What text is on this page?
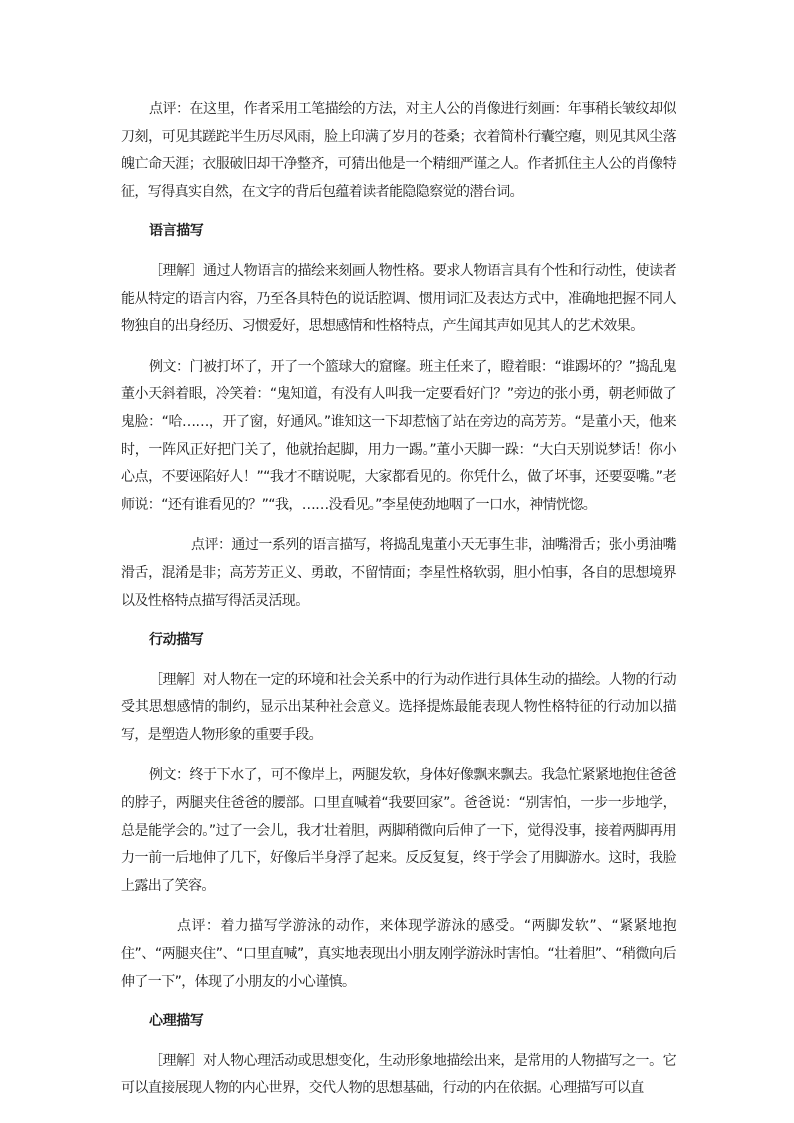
点评：在这里，作者采用工笔描绘的方法，对主人公的肖像进行刻画：年事稍长皱纹却似刀刻，可见其蹉跎半生历尽风雨，脸上印满了岁月的苍桑；衣着简朴行囊空瘪，则见其风尘落魄亡命天涯；衣服破旧却干净整齐，可猜出他是一个精细严谨之人。作者抓住主人公的肖像特征，写得真实自然，在文字的背后包蕴着读者能隐隐察觉的潜台词。

语言描写

［理解］通过人物语言的描绘来刻画人物性格。要求人物语言具有个性和行动性，使读者能从特定的语言内容，乃至各具特色的说话腔调、惯用词汇及表达方式中，准确地把握不同人物独自的出身经历、习惯爱好，思想感情和性格特点，产生闻其声如见其人的艺术效果。

例文：门被打坏了，开了一个篮球大的窟窿。班主任来了，瞪着眼：“谁踢坏的？”捣乱鬼董小天斜着眼，冷笑着：“鬼知道，有没有人叫我一定要看好门？”旁边的张小勇，朝老师做了鬼脸：“哈……，开了窗，好通风。”谁知这一下却惹恼了站在旁边的高芳芳。“是董小天，他来时，一阵风正好把门关了，他就抬起脚，用力一踢。”董小天脚一跺：“大白天别说梦话！你小心点，不要诬陷好人！”“我才不瞎说呢，大家都看见的。你凭什么，做了坏事，还要耍嘴。”老师说：“还有谁看见的？”“我，……没看见。”李星使劲地咽了一口水，神情恍惚。

点评：通过一系列的语言描写，将捣乱鬼董小天无事生非，油嘴滑舌；张小勇油嘴滑舌，混淆是非；高芳芳正义、勇敢，不留情面；李星性格软弱，胆小怕事，各自的思想境界以及性格特点描写得活灵活现。

行动描写

［理解］对人物在一定的环境和社会关系中的行为动作进行具体生动的描绘。人物的行动受其思想感情的制约，显示出某种社会意义。选择提炼最能表现人物性格特征的行动加以描写，是塑造人物形象的重要手段。

例文：终于下水了，可不像岸上，两腿发软，身体好像飘来飘去。我急忙紧紧地抱住爸爸的脖子，两腿夹住爸爸的腰部。口里直喊着“我要回家”。爸爸说：“别害怕，一步一步地学，总是能学会的。”过了一会儿，我才壮着胆，两脚稍微向后伸了一下，觉得没事，接着两脚再用力一前一后地伸了几下，好像后半身浮了起来。反反复复，终于学会了用脚游水。这时，我脸上露出了笑容。

点评：着力描写学游泳的动作，来体现学游泳的感受。“两脚发软”、“紧紧地抱住”、“两腿夹住”、“口里直喊”，真实地表现出小朋友刚学游泳时害怕。“壮着胆”、“稍微向后伸了一下”，体现了小朋友的小心谨慎。

心理描写

［理解］对人物心理活动或思想变化，生动形象地描绘出来，是常用的人物描写之一。它可以直接展现人物的内心世界，交代人物的思想基础，行动的内在依据。心理描写可以直
